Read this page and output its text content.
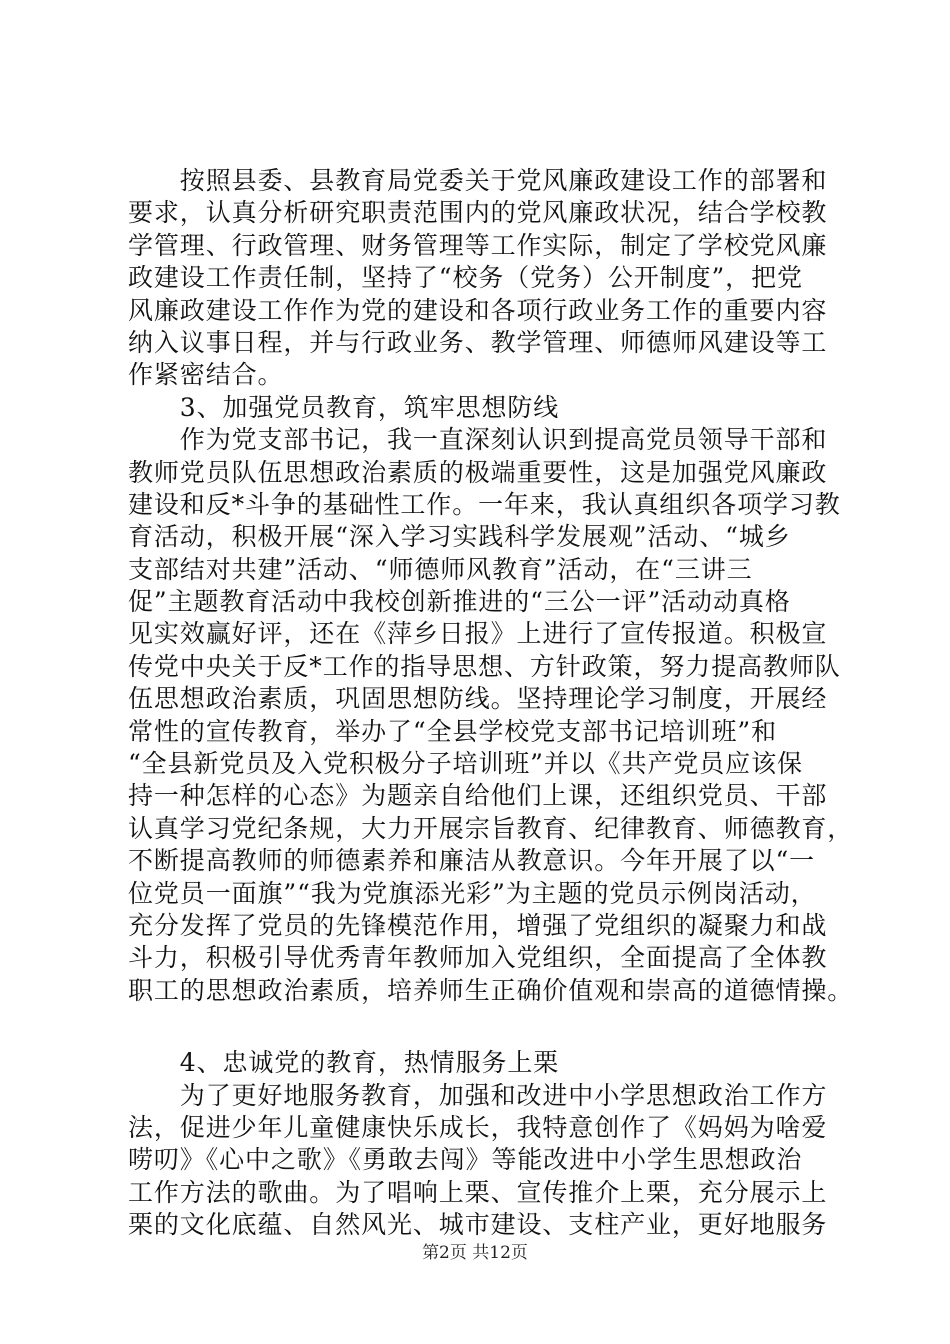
　　按照县委、县教育局党委关于党风廉政建设工作的部署和
要求，认真分析研究职责范围内的党风廉政状况，结合学校教
学管理、行政管理、财务管理等工作实际，制定了学校党风廉
政建设工作责任制，坚持了“校务（党务）公开制度”，把党
风廉政建设工作作为党的建设和各项行政业务工作的重要内容
纳入议事日程，并与行政业务、教学管理、师德师风建设等工
作紧密结合。
　　3、加强党员教育，筑牢思想防线
　　作为党支部书记，我一直深刻认识到提高党员领导干部和
教师党员队伍思想政治素质的极端重要性，这是加强党风廉政
建设和反*斗争的基础性工作。一年来，我认真组织各项学习教
育活动，积极开展“深入学习实践科学发展观”活动、“城乡
支部结对共建”活动、“师德师风教育”活动，在“三讲三
促”主题教育活动中我校创新推进的“三公一评”活动动真格
见实效赢好评，还在《萍乡日报》上进行了宣传报道。积极宣
传党中央关于反*工作的指导思想、方针政策，努力提高教师队
伍思想政治素质，巩固思想防线。坚持理论学习制度，开展经
常性的宣传教育，举办了“全县学校党支部书记培训班”和
“全县新党员及入党积极分子培训班”并以《共产党员应该保
持一种怎样的心态》为题亲自给他们上课，还组织党员、干部
认真学习党纪条规，大力开展宗旨教育、纪律教育、师德教育，
不断提高教师的师德素养和廉洁从教意识。今年开展了以“一
位党员一面旗”“我为党旗添光彩”为主题的党员示例岗活动，
充分发挥了党员的先锋模范作用，增强了党组织的凝聚力和战
斗力，积极引导优秀青年教师加入党组织，全面提高了全体教
职工的思想政治素质，培养师生正确价值观和崇高的道德情操。
　　4、忠诚党的教育，热情服务上栗
　　为了更好地服务教育，加强和改进中小学思想政治工作方
法，促进少年儿童健康快乐成长，我特意创作了《妈妈为啥爱
唠叨》《心中之歌》《勇敢去闯》等能改进中小学生思想政治
工作方法的歌曲。为了唱响上栗、宣传推介上栗，充分展示上
栗的文化底蕴、自然风光、城市建设、支柱产业，更好地服务
第2页 共12页
